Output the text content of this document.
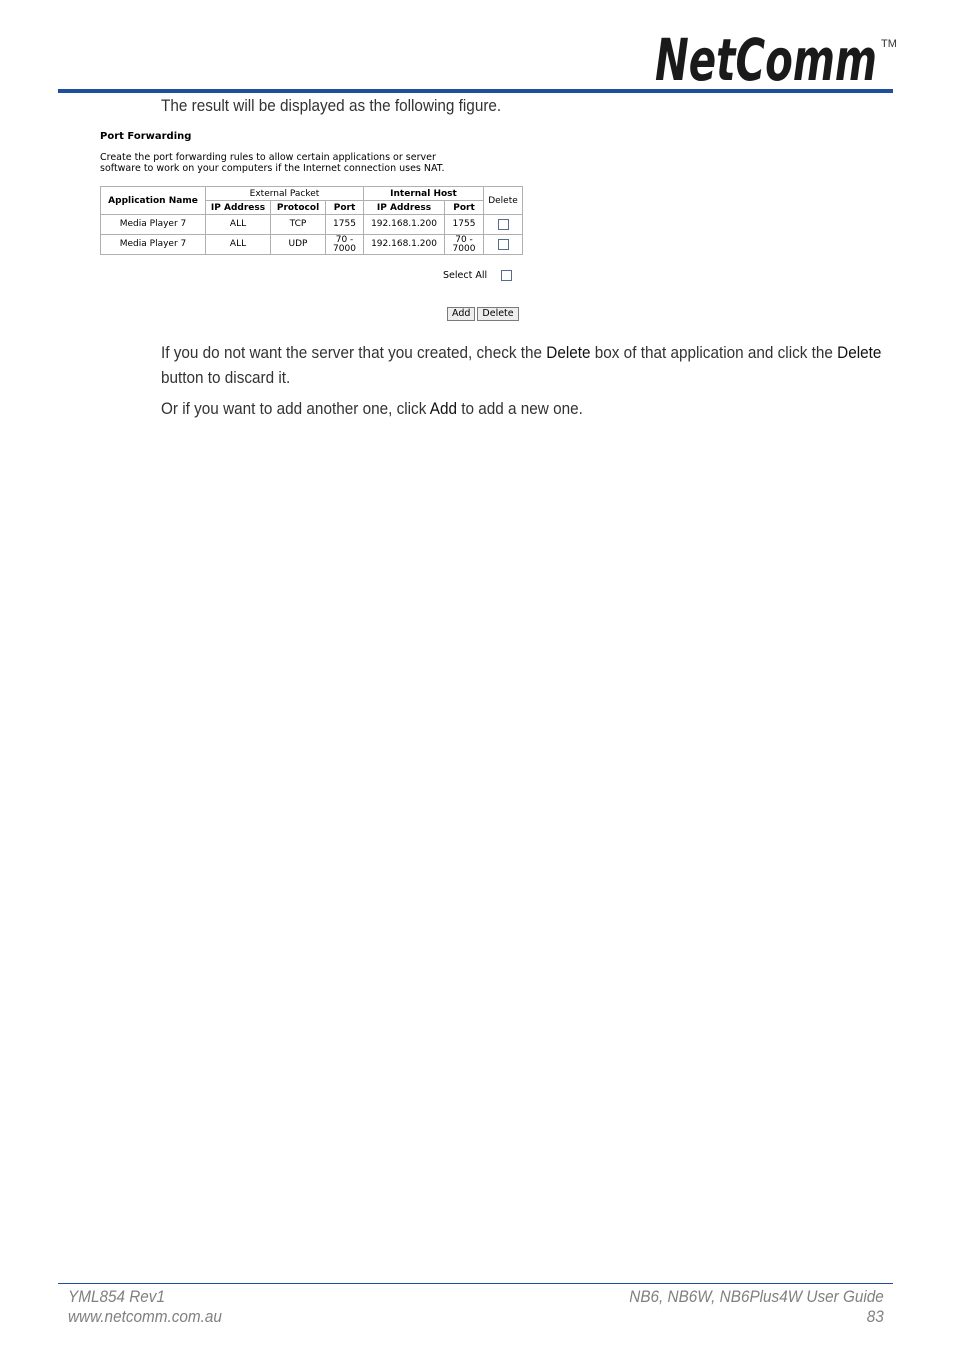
NetComm TM
The result will be displayed as the following figure.
Port Forwarding
Create the port forwarding rules to allow certain applications or server
software to work on your computers if the Internet connection uses NAT.
Application Name	External Packet			Internal Host		Delete
	IP Address	Protocol	Port	IP Address	Port	
Media Player 7	ALL	TCP	1755	192.168.1.200	1755	
Media Player 7	ALL	UDP	70 - 7000	192.168.1.200	70 - 7000	
Select All
Add Delete
If you do not want the server that you created, check the Delete box of that application and click the Delete button to discard it.
Or if you want to add another one, click Add to add a new one.
YML854 Rev1
www.netcomm.com.au
NB6, NB6W, NB6Plus4W User Guide
83
